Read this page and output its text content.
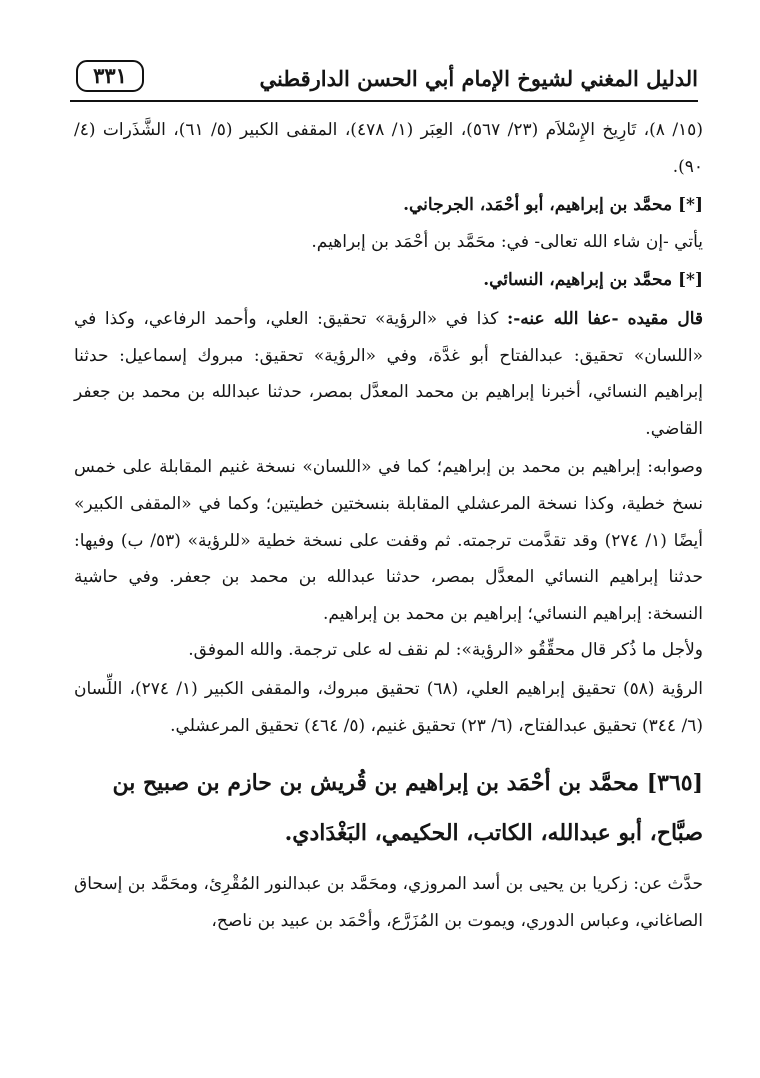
الدليل المغني لشيوخ الإمام أبي الحسن الدارقطني
٣٣١

(١٥/ ٨)، تَارِيخ الإِسْلاَم (٢٣/ ٥٦٧)، العِبَر (١/ ٤٧٨)، المقفى الكبير (٥/ ٦١)، الشَّذَرات (٤/ ٩٠).

[*] محمَّد بن إبراهيم، أبو أحْمَد، الجرجاني.

يأتي -إن شاء الله تعالى- في: محَمَّد بن أحْمَد بن إبراهيم.

[*] محمَّد بن إبراهيم، النسائي.

قال مقيده -عفا الله عنه-: كذا في «الرؤية» تحقيق: العلي، وأحمد الرفاعي، وكذا في «اللسان» تحقيق: عبدالفتاح أبو غدَّة، وفي «الرؤية» تحقيق: مبروك إسماعيل: حدثنا إبراهيم النسائي، أخبرنا إبراهيم بن محمد المعدَّل بمصر، حدثنا عبدالله بن محمد بن جعفر القاضي.

وصوابه: إبراهيم بن محمد بن إبراهيم؛ كما في «اللسان» نسخة غنيم المقابلة على خمس نسخ خطية، وكذا نسخة المرعشلي المقابلة بنسختين خطيتين؛ وكما في «المقفى الكبير» أيضًا (١/ ٢٧٤) وقد تقدَّمت ترجمته. ثم وقفت على نسخة خطية «للرؤية» (٥٣/ ب) وفيها: حدثنا إبراهيم النسائي المعدَّل بمصر، حدثنا عبدالله بن محمد بن جعفر. وفي حاشية النسخة: إبراهيم النسائي؛ إبراهيم بن محمد بن إبراهيم.

ولأجل ما ذُكر قال محقِّقُو «الرؤية»: لم نقف له على ترجمة. والله الموفق.

الرؤية (٥٨) تحقيق إبراهيم العلي، (٦٨) تحقيق مبروك، والمقفى الكبير (١/ ٢٧٤)، اللِّسان (٦/ ٣٤٤) تحقيق عبدالفتاح، (٦/ ٢٣) تحقيق غنيم، (٥/ ٤٦٤) تحقيق المرعشلي.

[٣٦٥] محمَّد بن أحْمَد بن إبراهيم بن قُريش بن حازم بن صبيح بن صبَّاح، أبو عبدالله، الكاتب، الحكيمي، البَغْدَادي.

حدَّث عن: زكريا بن يحيى بن أسد المروزي، ومحَمَّد بن عبدالنور المُقْرِئ، ومحَمَّد بن إسحاق الصاغاني، وعباس الدوري، ويموت بن المُزَرَّع، وأحْمَد بن عبيد بن ناصح،
